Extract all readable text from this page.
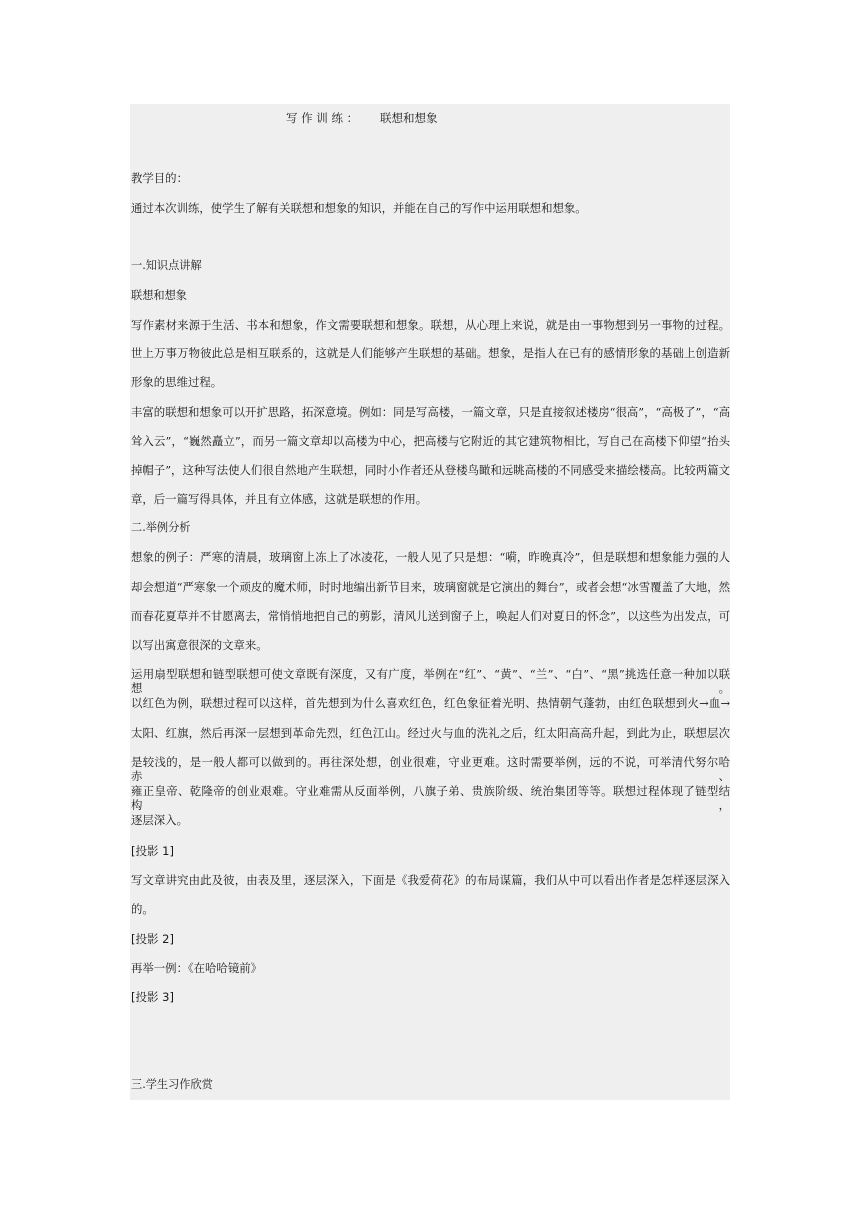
写 作 训 练 ：      联想和想象
教学目的：
通过本次训练，使学生了解有关联想和想象的知识，并能在自己的写作中运用联想和想象。
一.知识点讲解
联想和想象
写作素材来源于生活、书本和想象，作文需要联想和想象。联想，从心理上来说，就是由一事物想到另一事物的过程。
世上万事万物彼此总是相互联系的，这就是人们能够产生联想的基础。想象，是指人在已有的感情形象的基础上创造新
形象的思维过程。
丰富的联想和想象可以开扩思路，拓深意境。例如：同是写高楼，一篇文章，只是直接叙述楼房“很高”，“高极了”，“高
耸入云”，“巍然矗立”，而另一篇文章却以高楼为中心，把高楼与它附近的其它建筑物相比，写自己在高楼下仰望“抬头
掉帽子”，这种写法使人们很自然地产生联想，同时小作者还从登楼鸟瞰和远眺高楼的不同感受来描绘楼高。比较两篇文
章，后一篇写得具体，并且有立体感，这就是联想的作用。
二.举例分析
想象的例子：严寒的清晨，玻璃窗上冻上了冰凌花，一般人见了只是想：“嗬，昨晚真冷”，但是联想和想象能力强的人
却会想道“严寒象一个顽皮的魔术师，时时地编出新节目来，玻璃窗就是它演出的舞台”，或者会想“冰雪覆盖了大地，然
而春花夏草并不甘愿离去，常悄悄地把自己的剪影，清风儿送到窗子上，唤起人们对夏日的怀念”，以这些为出发点，可
以写出寓意很深的文章来。
运用扇型联想和链型联想可使文章既有深度，又有广度，举例在“红”、“黄”、“兰”、“白”、“黑”挑选任意一种加以联想。
以红色为例，联想过程可以这样，首先想到为什么喜欢红色，红色象征着光明、热情朝气蓬勃，由红色联想到火→血→
太阳、红旗，然后再深一层想到革命先烈，红色江山。经过火与血的洗礼之后，红太阳高高升起，到此为止，联想层次
是较浅的，是一般人都可以做到的。再往深处想，创业很难，守业更难。这时需要举例，远的不说，可举清代努尔哈赤、
雍正皇帝、乾隆帝的创业艰难。守业难需从反面举例，八旗子弟、贵族阶级、统治集团等等。联想过程体现了链型结构，
逐层深入。
[投影 1]
写文章讲究由此及彼，由表及里，逐层深入，下面是《我爱荷花》的布局谋篇，我们从中可以看出作者是怎样逐层深入
的。
[投影 2]
再举一例：《在哈哈镜前》
[投影 3]
三.学生习作欣赏
